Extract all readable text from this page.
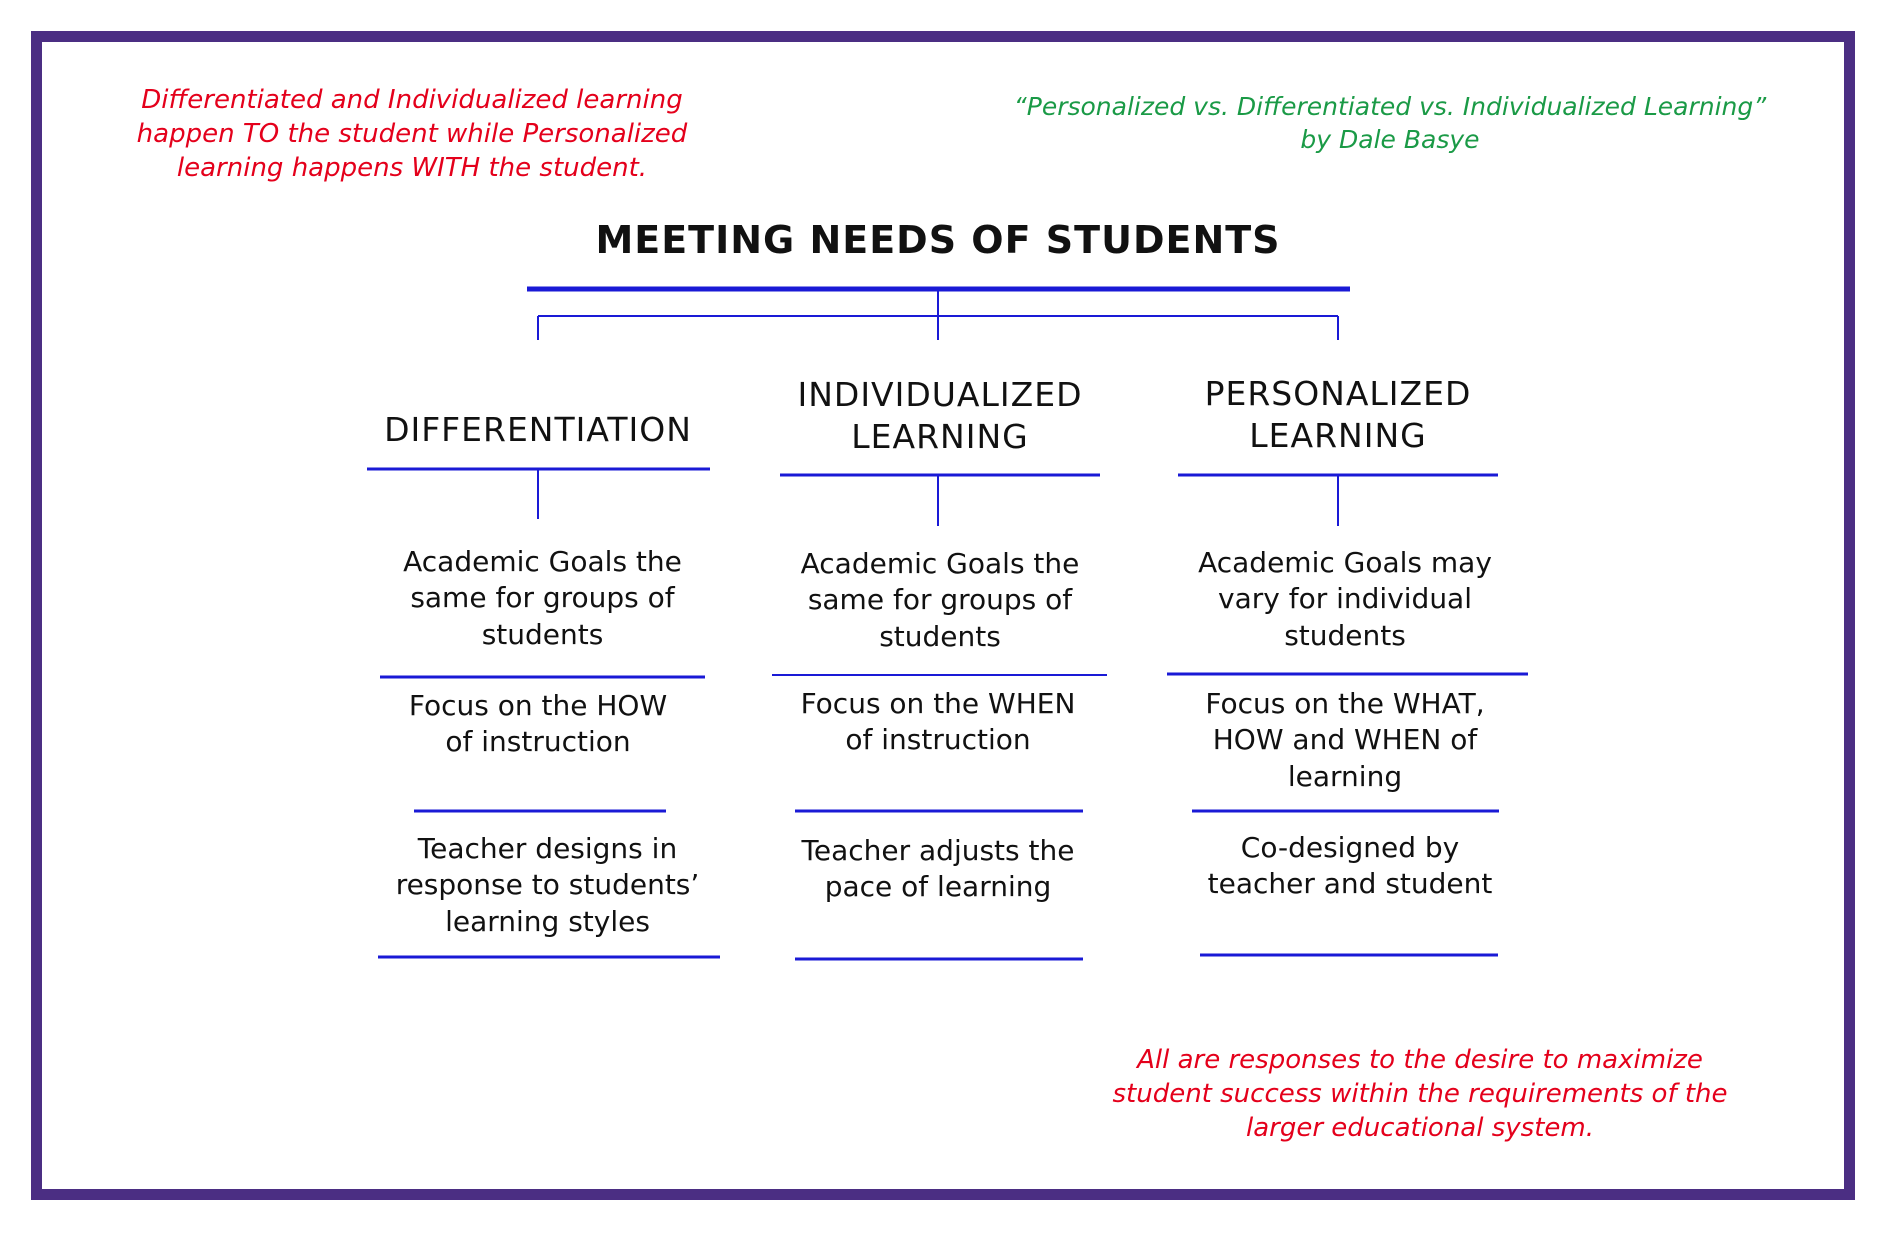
Differentiated and Individualized learning happen TO the student while Personalized learning happens WITH the student.
“Personalized vs. Differentiated vs. Individualized Learning”
by Dale Basye
All are responses to the desire to maximize student success within the requirements of the larger educational system.
MEETING NEEDS OF STUDENTS
DIFFERENTIATION
INDIVIDUALIZED LEARNING
PERSONALIZED LEARNING
Academic Goals the same for groups of students
Focus on the HOW of instruction
Teacher designs in response to students’ learning styles
Academic Goals the same for groups of students
Focus on the WHEN of instruction
Teacher adjusts the pace of learning
Academic Goals may vary for individual students
Focus on the WHAT, HOW and WHEN of learning
Co-designed by teacher and student
